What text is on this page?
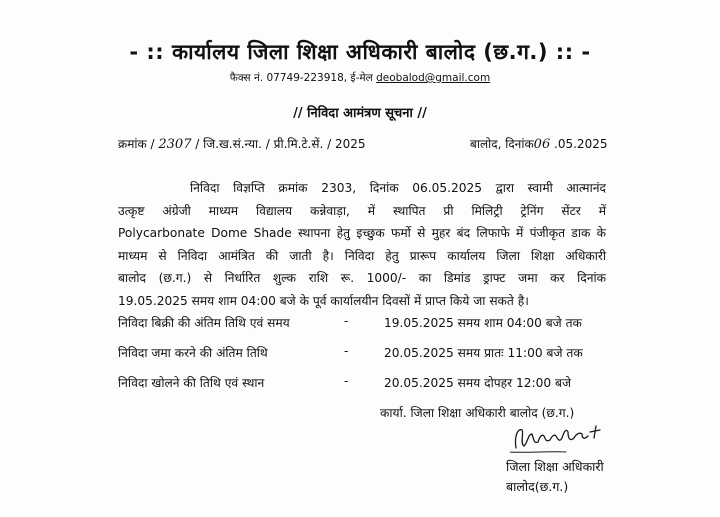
- :: कार्यालय जिला शिक्षा अधिकारी बालोद (छ.ग.) :: -
फैक्स नं. 07749-223918, ई-मेल deobalod@gmail.com
// निविदा आमंत्रण सूचना //
क्रमांक / 2307 / जि.ख.सं.न्या. / प्री.मि.टे.सें. / 2025	बालोद, दिनांक06 .05.2025
निविदा विज्ञप्ति क्रमांक 2303, दिनांक 06.05.2025 द्वारा स्वामी आत्मानंद
उत्कृष्ट अंग्रेजी माध्यम विद्यालय कन्नेवाड़ा, में स्थापित प्री मिलिट्री ट्रेनिंग सेंटर में
Polycarbonate Dome Shade स्थापना हेतु इच्छुक फर्मो से मुहर बंद लिफाफे में पंजीकृत डाक के
माध्यम से निविदा आमंत्रित की जाती है। निविदा हेतु प्रारूप कार्यालय जिला शिक्षा अधिकारी
बालोद (छ.ग.) से निर्धारित शुल्क राशि रू. 1000/- का डिमांड ड्राफ्ट जमा कर दिनांक
19.05.2025 समय शाम 04:00 बजे के पूर्व कार्यालयीन दिवसों में प्राप्त किये जा सकते है।
निविदा बिक्री की अंतिम तिथि एवं समय	-	19.05.2025 समय शाम 04:00 बजे तक
निविदा जमा करने की अंतिम तिथि	-	20.05.2025 समय प्रातः 11:00 बजे तक
निविदा खोलने की तिथि एवं स्थान	-	20.05.2025 समय दोपहर 12:00 बजे
कार्या. जिला शिक्षा अधिकारी बालोद (छ.ग.)
जिला शिक्षा अधिकारी
बालोद(छ.ग.)
